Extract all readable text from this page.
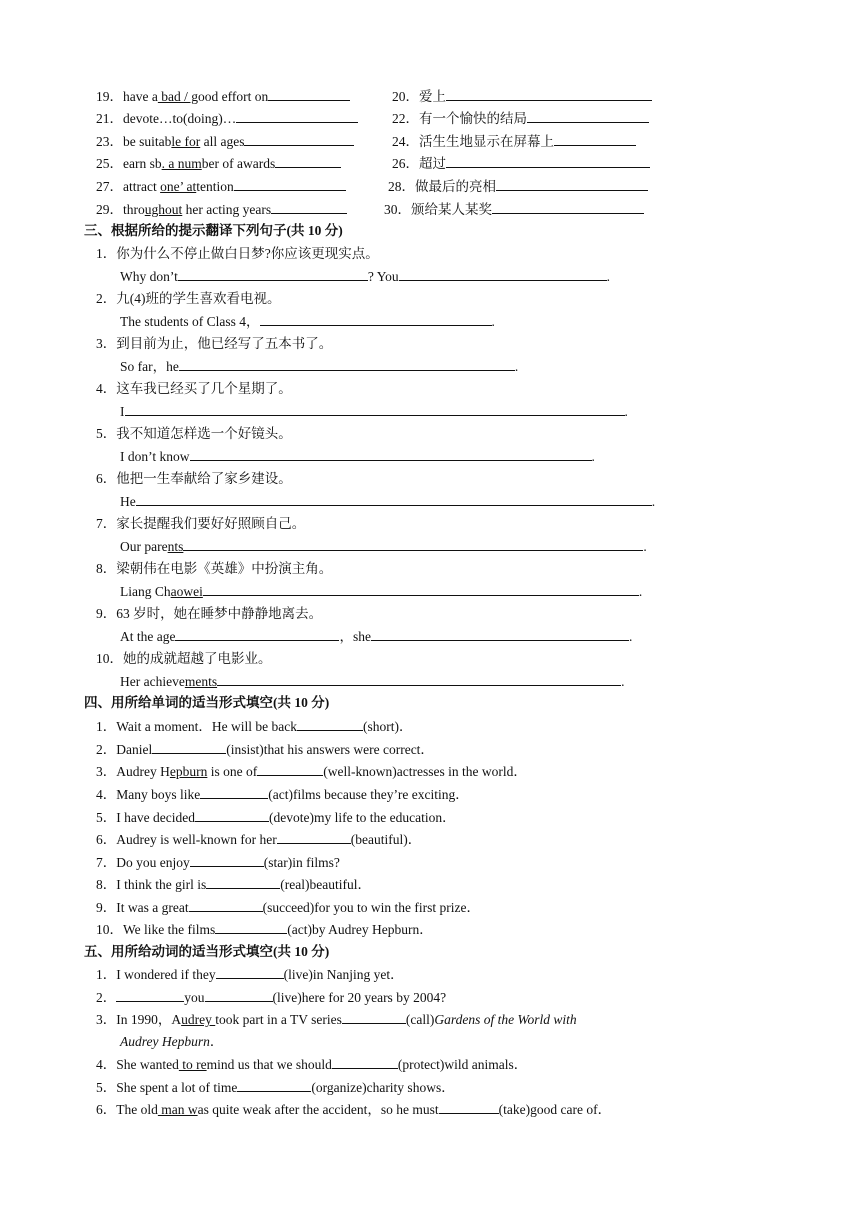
19．have a bad / good effort on	20．爱上
21．devote…to(doing)…	22．有一个愉快的结局
23．be suitable for all ages	24．活生生地显示在屏幕上
25．earn sb. a number of awards	26．超过
27．attract one’ attention	28．做最后的亮相
29．throughout her acting years	30．颁给某人某奖
三、根据所给的提示翻译下列句子(共 10 分)
1．你为什么不停止做白日梦?你应该更现实点。
Why don’t	? You	.
2．九(4)班的学生喜欢看电视。
The students of Class 4，	.
3．到目前为止，他已经写了五本书了。
So far，he	.
4．这车我已经买了几个星期了。
I	.
5．我不知道怎样选一个好镜头。
I don’t know	.
6．他把一生奉献给了家乡建设。
He	.
7．家长提醒我们要好好照顾自己。
Our parents	.
8．梁朝伟在电影《英雄》中扮演主角。
Liang Chaowei	.
9．63 岁时，她在睡梦中静静地离去。
At the age	，she	.
10．她的成就超越了电影业。
Her achievements	.
四、用所给单词的适当形式填空(共 10 分)
1．Wait a moment．He will be back	(short)．
2．Daniel	(insist)that his answers were correct．
3．Audrey Hepburn is one of	(well-known)actresses in the world．
4．Many boys like	(act)films because they’re exciting．
5．I have decided	(devote)my life to the education．
6．Audrey is well-known for her	(beautiful)．
7．Do you enjoy	(star)in films?
8．I think the girl is	(real)beautiful．
9．It was a great	(succeed)for you to win the first prize．
10．We like the films	(act)by Audrey Hepburn．
五、用所给动词的适当形式填空(共 10 分)
1．I wondered if they	(live)in Nanjing yet．
2．	you	(live)here for 20 years by 2004?
3．In 1990，Audrey took part in a TV series	(call)Gardens of the World with
Audrey Hepburn．
4．She wanted to remind us that we should	(protect)wild animals．
5．She spent a lot of time	(organize)charity shows．
6．The old man was quite weak after the accident，so he must	(take)good care of．
